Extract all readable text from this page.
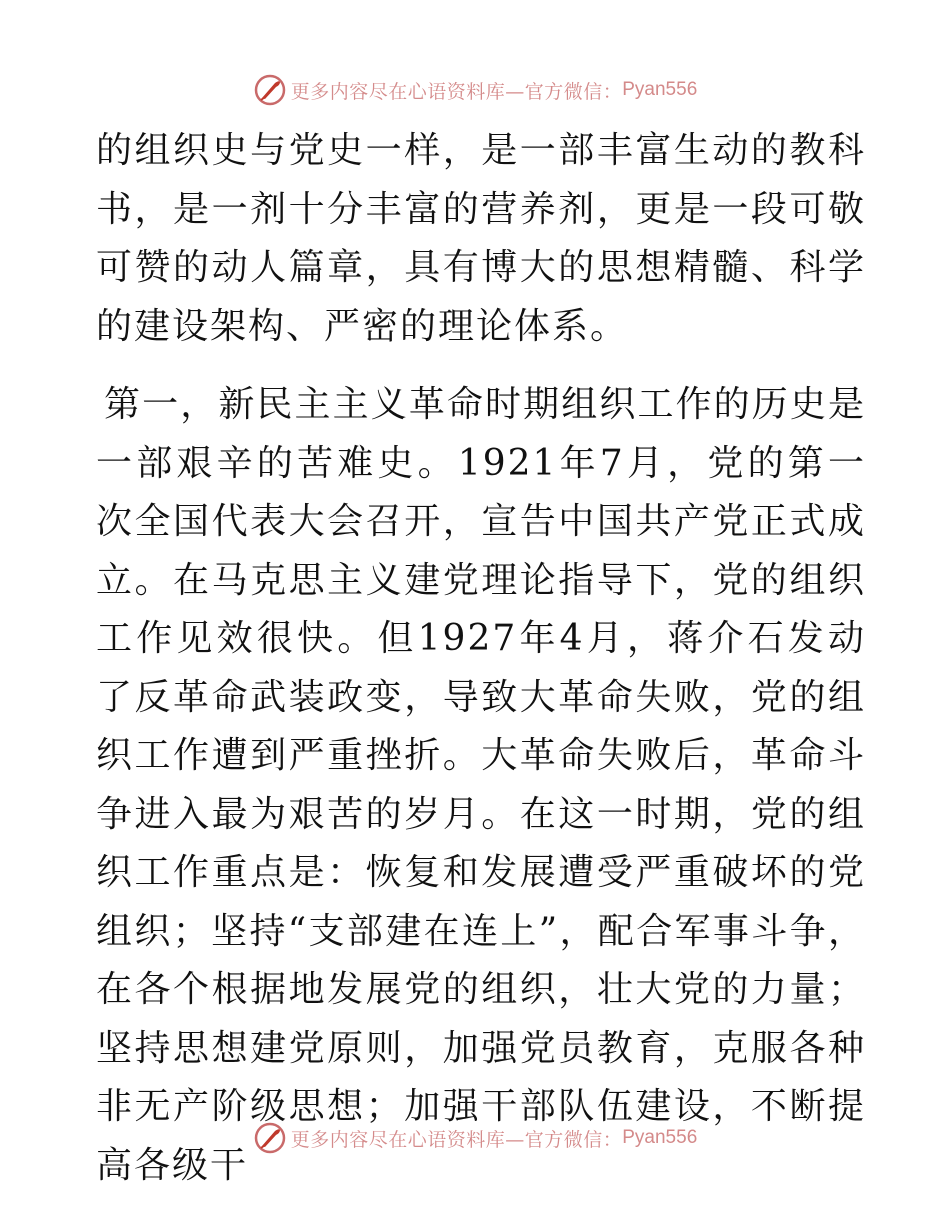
更多内容尽在心语资料库—官方微信： Pyan556

的组织史与党史一样，是一部丰富生动的教科书，是一剂十分丰富的营养剂，更是一段可敬可赞的动人篇章，具有博大的思想精髓、科学的建设架构、严密的理论体系。

第一，新民主主义革命时期组织工作的历史是一部艰辛的苦难史。1921年7月，党的第一次全国代表大会召开，宣告中国共产党正式成立。在马克思主义建党理论指导下，党的组织工作见效很快。但1927年4月，蒋介石发动了反革命武装政变，导致大革命失败，党的组织工作遭到严重挫折。大革命失败后，革命斗争进入最为艰苦的岁月。在这一时期，党的组织工作重点是：恢复和发展遭受严重破坏的党组织；坚持“支部建在连上”，配合军事斗争，在各个根据地发展党的组织，壮大党的力量；坚持思想建党原则，加强党员教育，克服各种非无产阶级思想；加强干部队伍建设，不断提高各级干

更多内容尽在心语资料库—官方微信： Pyan556
